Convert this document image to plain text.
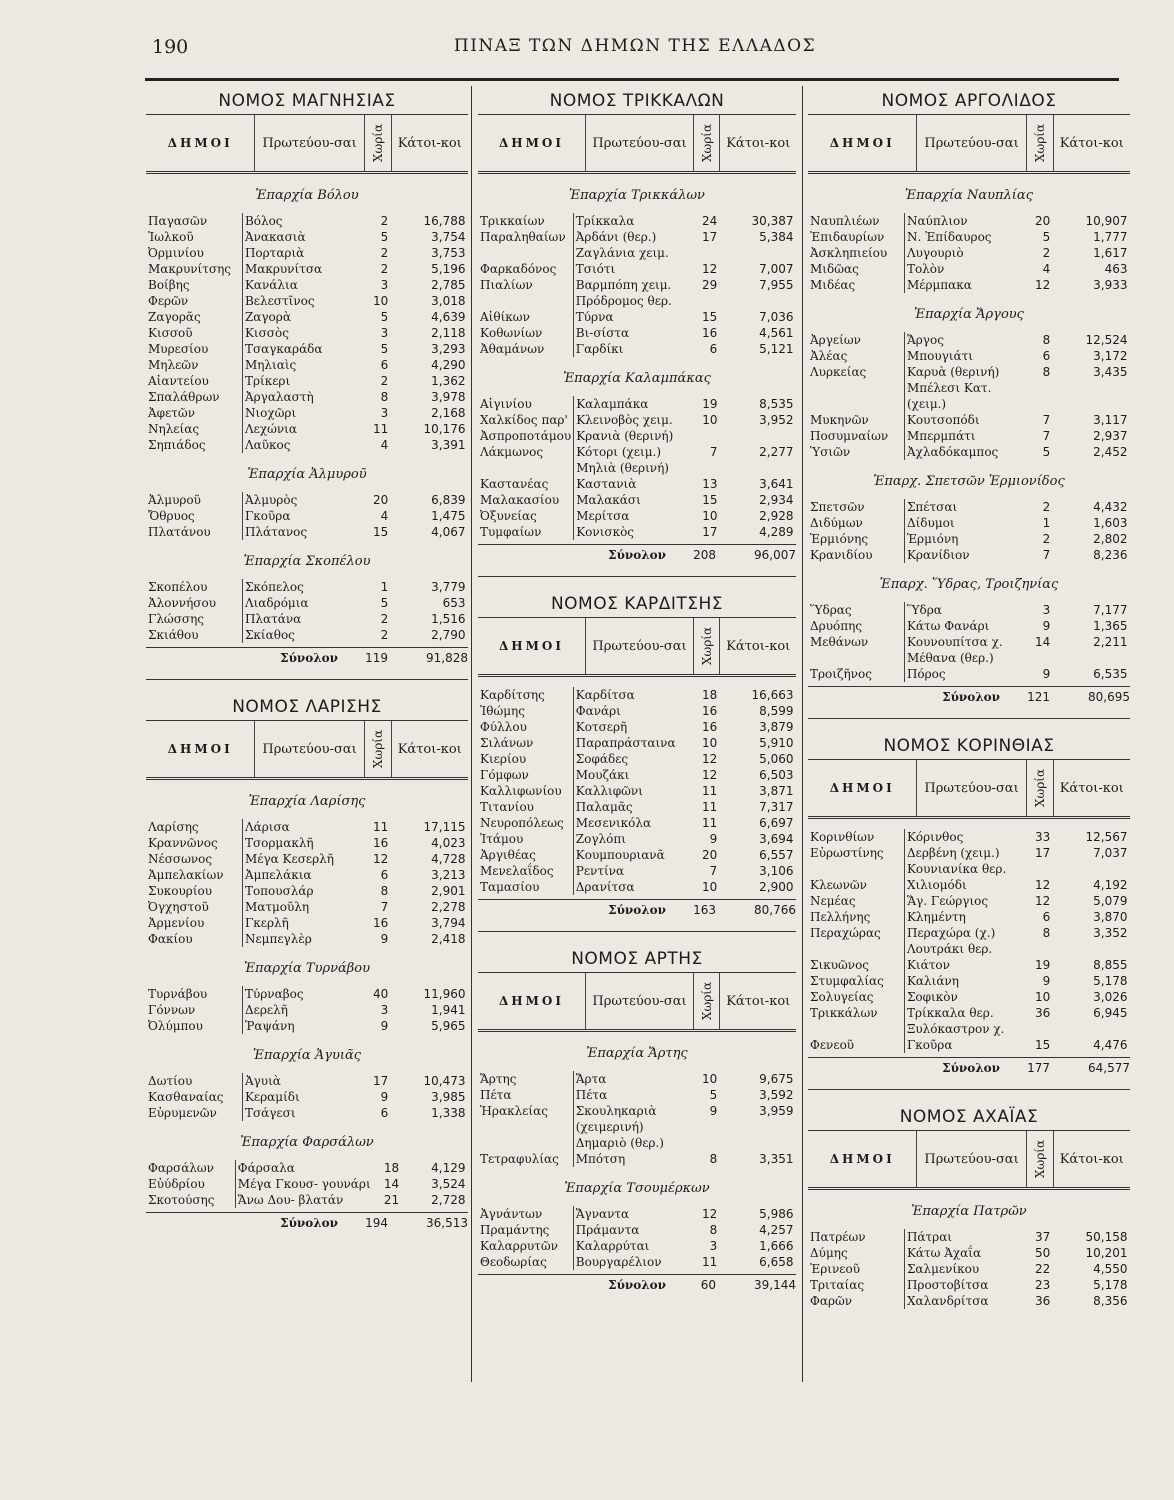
190	ΠΙΝΑΞ ΤΩΝ ΔΗΜΩΝ ΤΗΣ ΕΛΛΑΔΟΣ
ΝΟΜΟΣ ΜΑΓΝΗΣΙΑΣ
ΔΗΜΟΙ	Πρωτεύου-σαι	Χωρία	Κάτοι-κοι
Ἐπαρχία Βόλου
Παγασῶν	Βόλος	2	16,788
Ἰωλκοῦ	Ἀνακασιὰ	5	3,754
Ὀρμινίου	Πορταριὰ	2	3,753
Μακρυνίτσης	Μακρυνίτσα	2	5,196
Βοίβης	Κανάλια	3	2,785
Φερῶν	Βελεστῖνος	10	3,018
Ζαγορᾶς	Ζαγορὰ	5	4,639
Κισσοῦ	Κισσὸς	3	2,118
Μυρεσίου	Τσαγκαράδα	5	3,293
Μηλεῶν	Μηλιαὶς	6	4,290
Αἰαντείου	Τρίκερι	2	1,362
Σπαλάθρων	Ἀργαλαστὴ	8	3,978
Ἀφετῶν	Νιοχῶρι	3	2,168
Νηλείας	Λεχώνια	11	10,176
Σηπιάδος	Λαῦκος	4	3,391
Ἐπαρχία Ἀλμυροῦ
Ἀλμυροῦ	Ἀλμυρὸς	20	6,839
Ὄθρυος	Γκοῦρα	4	1,475
Πλατάνου	Πλάτανος	15	4,067
Ἐπαρχία Σκοπέλου
Σκοπέλου	Σκόπελος	1	3,779
Ἀλοννήσου	Λιαδρόμια	5	653
Γλώσσης	Πλατάνα	2	1,516
Σκιάθου	Σκίαθος	2	2,790
Σύνολον	119	91,828
ΝΟΜΟΣ ΛΑΡΙΣΗΣ
ΔΗΜΟΙ	Πρωτεύου-σαι	Χωρία	Κάτοι-κοι
Ἐπαρχία Λαρίσης
Λαρίσης	Λάρισα	11	17,115
Κραννῶνος	Τσορμακλῆ	16	4,023
Νέσσωνος	Μέγα Κεσερλῆ	12	4,728
Ἀμπελακίων	Ἀμπελάκια	6	3,213
Συκουρίου	Τοπουσλάρ	8	2,901
Ὀγχηστοῦ	Ματμοῦλη	7	2,278
Ἀρμενίου	Γκερλῆ	16	3,794
Φακίου	Νεμπεγλὲρ	9	2,418
Ἐπαρχία Τυρνάβου
Τυρνάβου	Τύρναβος	40	11,960
Γόννων	Δερελῆ	3	1,941
Ὀλύμπου	Ῥαψάνη	9	5,965
Ἐπαρχία Ἀγυιᾶς
Δωτίου	Ἀγυιὰ	17	10,473
Κασθαναίας	Κεραμίδι	9	3,985
Εὐρυμενῶν	Τσάγεσι	6	1,338
Ἐπαρχία Φαρσάλων
Φαρσάλων	Φάρσαλα	18	4,129
Εὐύδρίου	Μέγα Γκουσ- γουνάρι	14	3,524
Σκοτούσης	Ἄνω Δου- βλατάν	21	2,728
Σύνολον	194	36,513
ΝΟΜΟΣ ΤΡΙΚΚΑΛΩΝ
ΔΗΜΟΙ	Πρωτεύου-σαι	Χωρία Κάτοι-κοι
Ἐπαρχία Τρικκάλων
Τρικκαίων	Τρίκκαλα	24	30,387
Παραληθαίων	Ἀρδάνι (θερ.)	17	5,384
	Ζαγλάνια χειμ.		
Φαρκαδόνος	Τσιότι	12	7,007
Πιαλίων	Βαρμπόπη χειμ.	29	7,955
	Πρόδρομος θερ.		
Αἰθίκων	Τύρνα	15	7,036
Κοθωνίων	Βι-σίστα	16	4,561
Ἀθαμάνων	Γαρδίκι	6	5,121
Ἐπαρχία Καλαμπάκας
Αἰγινίου	Καλαμπάκα	19	8,535
Χαλκίδος παρ'	Κλεινοβὸς χειμ.	10	3,952
Ἀσπροποτάμου	Κρανιὰ (θερινή)		
Λάκμωνος	Κότορι (χειμ.)	7	2,277
	Μηλιὰ (θερινή)		
Καστανέας	Καστανιὰ	13	3,641
Μαλακασίου	Μαλακάσι	15	2,934
Ὀξυνείας	Μερίτσα	10	2,928
Τυμφαίων	Κονισκὸς	17	4,289
Σύνολον	208	96,007
ΝΟΜΟΣ ΚΑΡΔΙΤΣΗΣ
ΔΗΜΟΙ	Πρωτεύου-σαι	Χωρία Κάτοι-κοι
Καρδίτσης	Καρδίτσα	18	16,663
Ἰθώμης	Φανάρι	16	8,599
Φύλλου	Κοτσερῆ	16	3,879
Σιλάνων	Παραπράσταινα	10	5,910
Κιερίου	Σοφάδες	12	5,060
Γόμφων	Μουζάκι	12	6,503
Καλλιφωνίου	Καλλιφῶνι	11	3,871
Τιτανίου	Παλαμᾶς	11	7,317
Νευροπόλεως	Μεσενικόλα	11	6,697
Ἰτάμου	Ζογλόπι	9	3,694
Ἀργιθέας	Κουμπουριανᾶ	20	6,557
Μενελαΐδος	Ρεντίνα	7	3,106
Ταμασίου	Δρανίτσα	10	2,900
Σύνολον	163	80,766
ΝΟΜΟΣ ΑΡΤΗΣ
ΔΗΜΟΙ	Πρωτεύου-σαι	Χωρία Κάτοι-κοι
Ἐπαρχία Ἄρτης
Ἄρτης	Ἄρτα	10	9,675
Πέτα	Πέτα	5	3,592
Ἡρακλείας	Σκουληκαριὰ	9	3,959
	(χειμερινή)		
	Δημαριὸ (θερ.)		
Τετραφυλίας	Μπότση	8	3,351
Ἐπαρχία Τσουμέρκων
Ἀγνάντων	Ἄγναντα	12	5,986
Πραμάντης	Πράμαντα	8	4,257
Καλαρρυτῶν	Καλαρρύται	3	1,666
Θεοδωρίας	Βουργαρέλιον	11	6,658
Σύνολον	60	39,144
ΝΟΜΟΣ ΑΡΓΟΛΙΔΟΣ
ΔΗΜΟΙ	Πρωτεύου-σαι	Χωρία	Κάτοι-κοι
Ἐπαρχία Ναυπλίας
Ναυπλιέων	Ναύπλιον	20	10,907
Ἐπιδαυρίων	Ν. Ἐπίδαυρος	5	1,777
Ἀσκληπιείου	Λυγουριὸ	2	1,617
Μιδῶας	Τολὸν	4	463
Μιδέας	Μέρμπακα	12	3,933
Ἐπαρχία Ἄργους
Ἀργείων	Ἄργος	8	12,524
Ἀλέας	Μπουγιάτι	6	3,172
Λυρκείας	Καρυὰ (θερινή)	8	3,435
	Μπέλεσι Κατ.		
	(χειμ.)		
Μυκηνῶν	Κουτσοπόδι	7	3,117
Ποσυμναίων	Μπερμπάτι	7	2,937
Ὑσιῶν	Ἀχλαδόκαμπος	5	2,452
Ἐπαρχ. Σπετσῶν Ἑρμιονίδος
Σπετσῶν	Σπέτσαι	2	4,432
Διδύμων	Δίδυμοι	1	1,603
Ἑρμιόνης	Ἑρμιόνη	2	2,802
Κρανιδίου	Κρανίδιον	7	8,236
Ἐπαρχ. Ὕδρας, Τροιζηνίας
Ὕδρας	Ὕδρα	3	7,177
Δρυόπης	Κάτω Φανάρι	9	1,365
Μεθάνων	Κουνουπίτσα χ.	14	2,211
	Μέθανα (θερ.)		
Τροιζῆνος	Πόρος	9	6,535
Σύνολον	121	80,695
ΝΟΜΟΣ ΚΟΡΙΝΘΙΑΣ
ΔΗΜΟΙ	Πρωτεύου-σαι	Χωρία	Κάτοι-κοι
Κορινθίων	Κόρινθος	33	12,567
Εὐρωστίνης	Δερβένη (χειμ.)	17	7,037
	Κουνιανίκα θερ.		
Κλεωνῶν	Χιλιομόδι	12	4,192
Νεμέας	Ἅγ. Γεώργιος	12	5,079
Πελλήνης	Κλημέντη	6	3,870
Περαχώρας	Περαχώρα (χ.)	8	3,352
	Λουτράκι θερ.		
Σικυῶνος	Κιάτον	19	8,855
Στυμφαλίας	Καλιάνη	9	5,178
Σολυγείας	Σοφικὸν	10	3,026
Τρικκάλων	Τρίκκαλα θερ.	36	6,945
	Ξυλόκαστρον χ.		
Φενεοῦ	Γκοῦρα	15	4,476
Σύνολον	177	64,577
ΝΟΜΟΣ ΑΧΑΪΑΣ
ΔΗΜΟΙ	Πρωτεύου-σαι	Χωρία	Κάτοι-κοι
Ἐπαρχία Πατρῶν
Πατρέων	Πάτραι	37	50,158
Δύμης	Κάτω Ἀχαΐα	50	10,201
Ἐρινεοῦ	Σαλμενίκου	22	4,550
Τριταίας	Προστοβίτσα	23	5,178
Φαρῶν	Χαλανδρίτσα	36	8,356
